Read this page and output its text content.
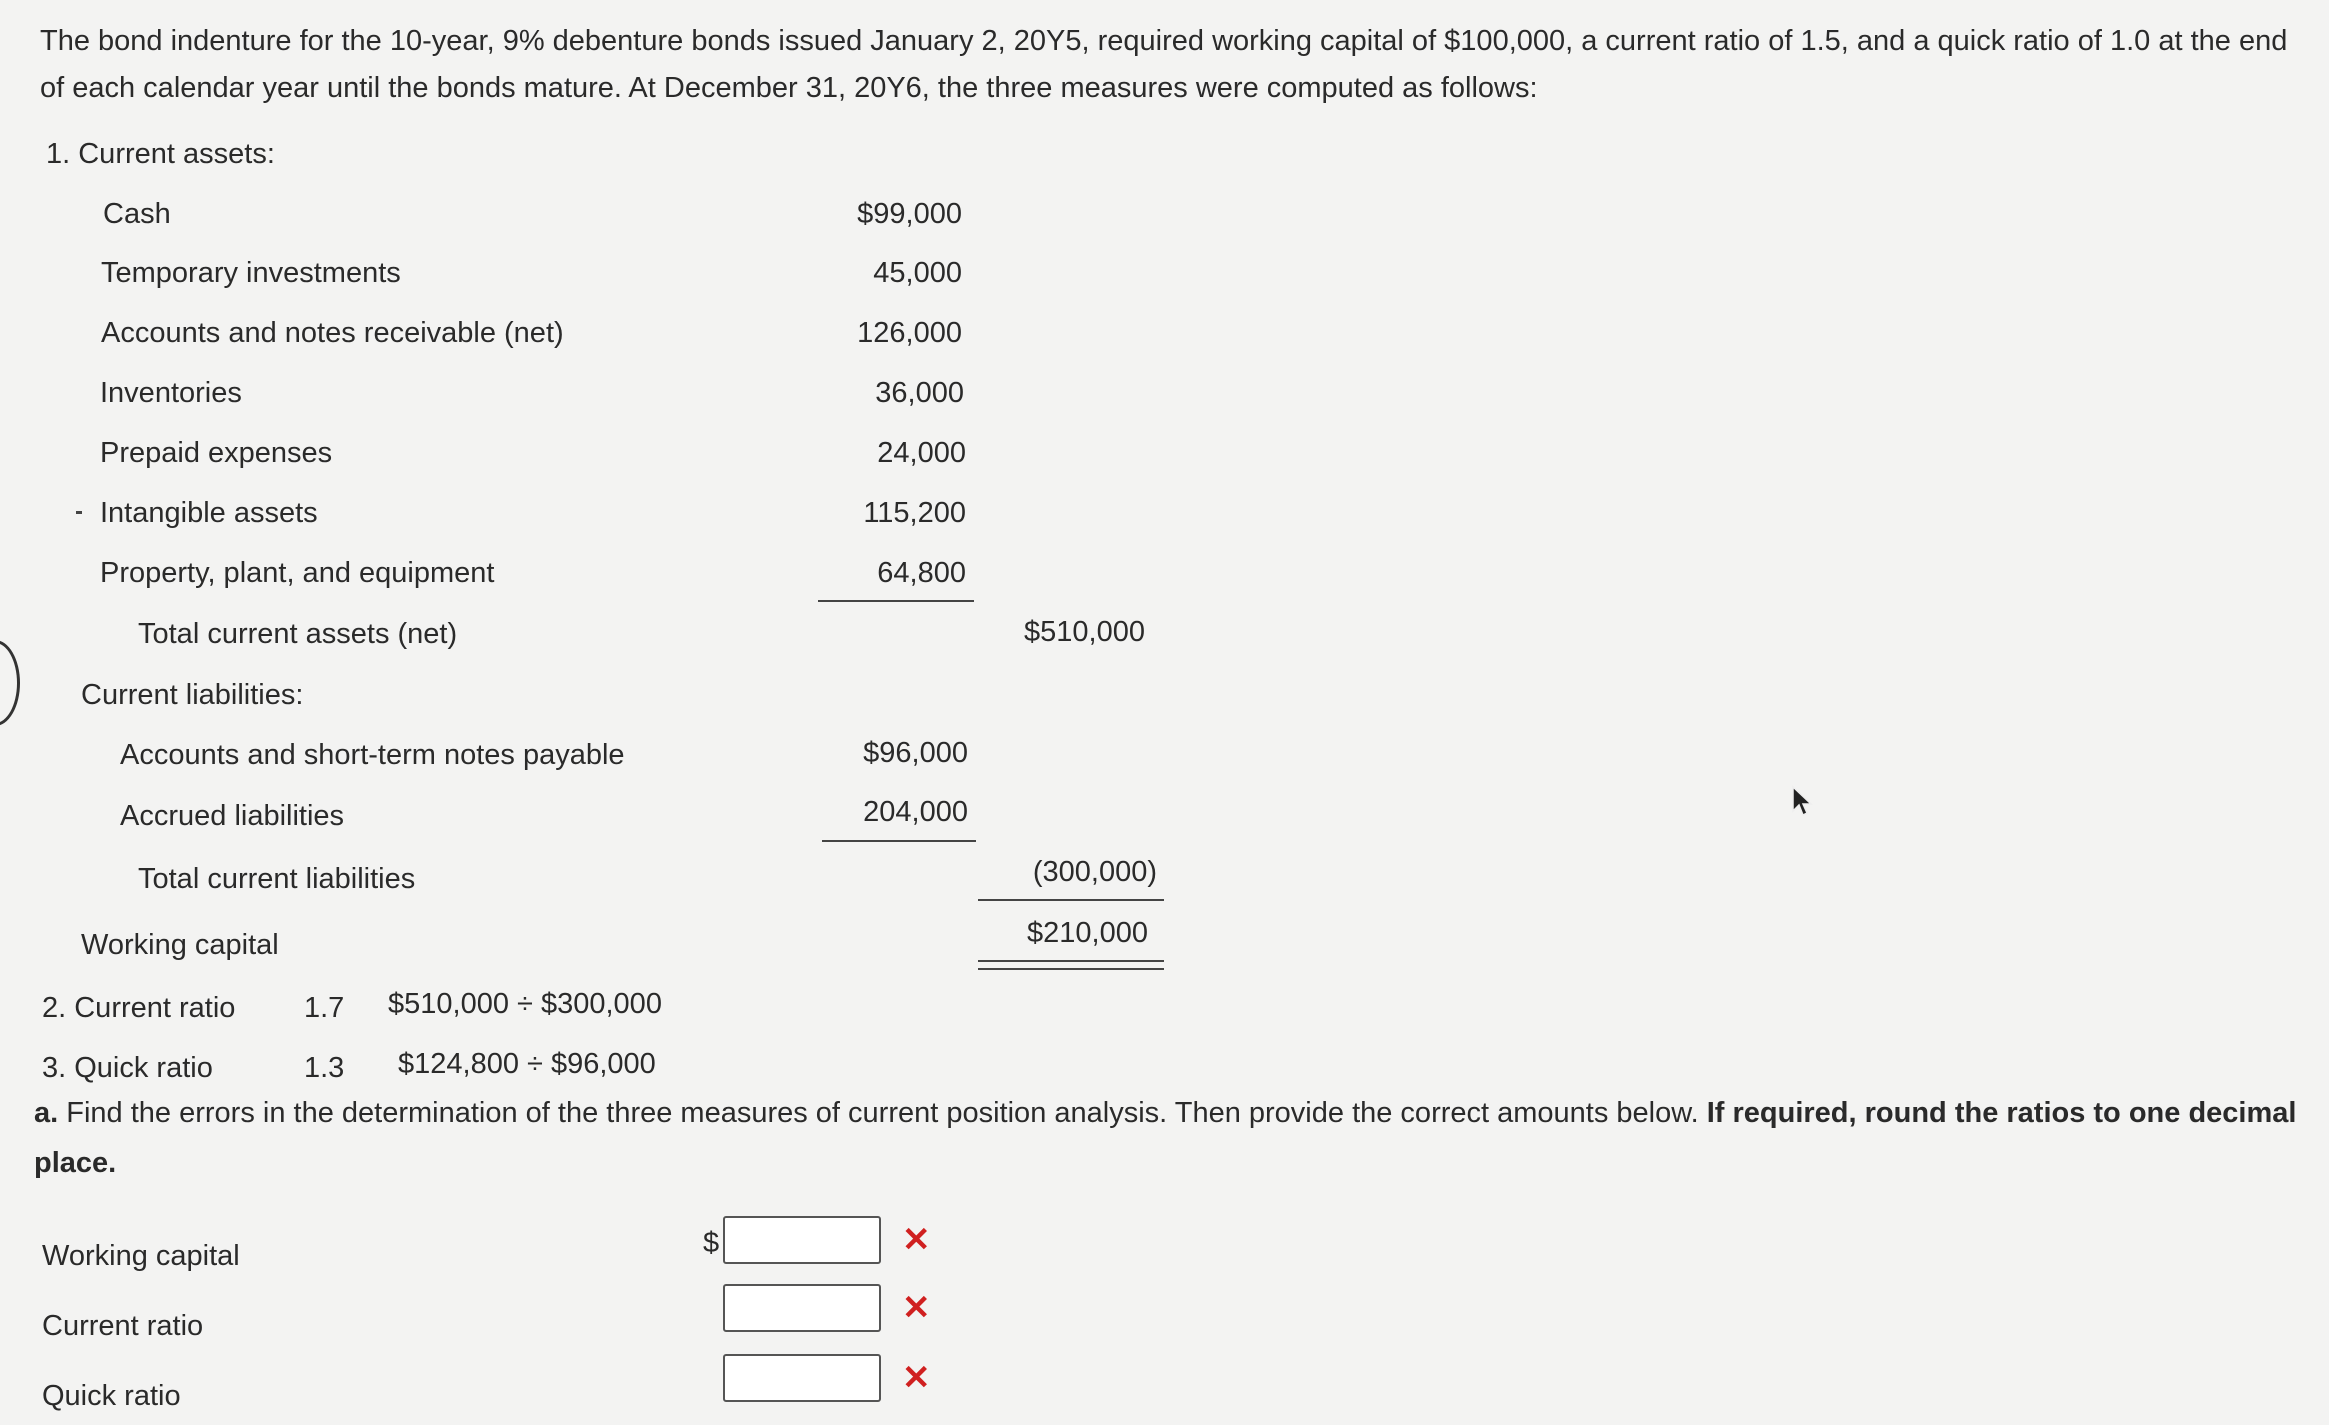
The bond indenture for the 10-year, 9% debenture bonds issued January 2, 20Y5, required working capital of $100,000, a current ratio of 1.5, and a quick ratio of 1.0 at the end of each calendar year until the bonds mature. At December 31, 20Y6, the three measures were computed as follows:
1. Current assets:
Cash	$99,000
Temporary investments	45,000
Accounts and notes receivable (net)	126,000
Inventories	36,000
Prepaid expenses	24,000
Intangible assets	115,200
Property, plant, and equipment	64,800
Total current assets (net)	$510,000
Current liabilities:
Accounts and short-term notes payable	$96,000
Accrued liabilities	204,000
Total current liabilities	(300,000)
Working capital	$210,000
2. Current ratio 1.7 $510,000 ÷ $300,000
3. Quick ratio	1.3 $124,800 ÷ $96,000
a. Find the errors in the determination of the three measures of current position analysis. Then provide the correct amounts below. If required, round the ratios to one decimal place.
Working capital	$	✕
Current ratio	✕
Quick ratio	✕
